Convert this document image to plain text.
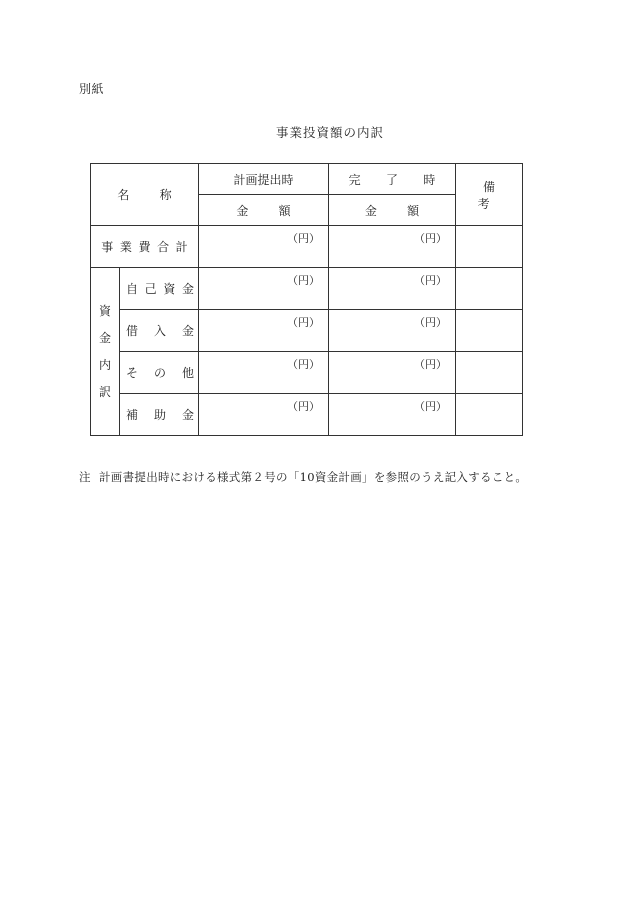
別紙
事業投資額の内訳
名 称		計画提出時	完 了 時	備 考
		金 額	金 額	
事業費合計		（円）	（円）	

資
金
内
訳	自己資金	（円）	（円）	
	借入金	（円）	（円）	
	その他	（円）	（円）	
	補助金	（円）	（円）	
注 計画書提出時における様式第２号の「10資金計画」を参照のうえ記入すること。
